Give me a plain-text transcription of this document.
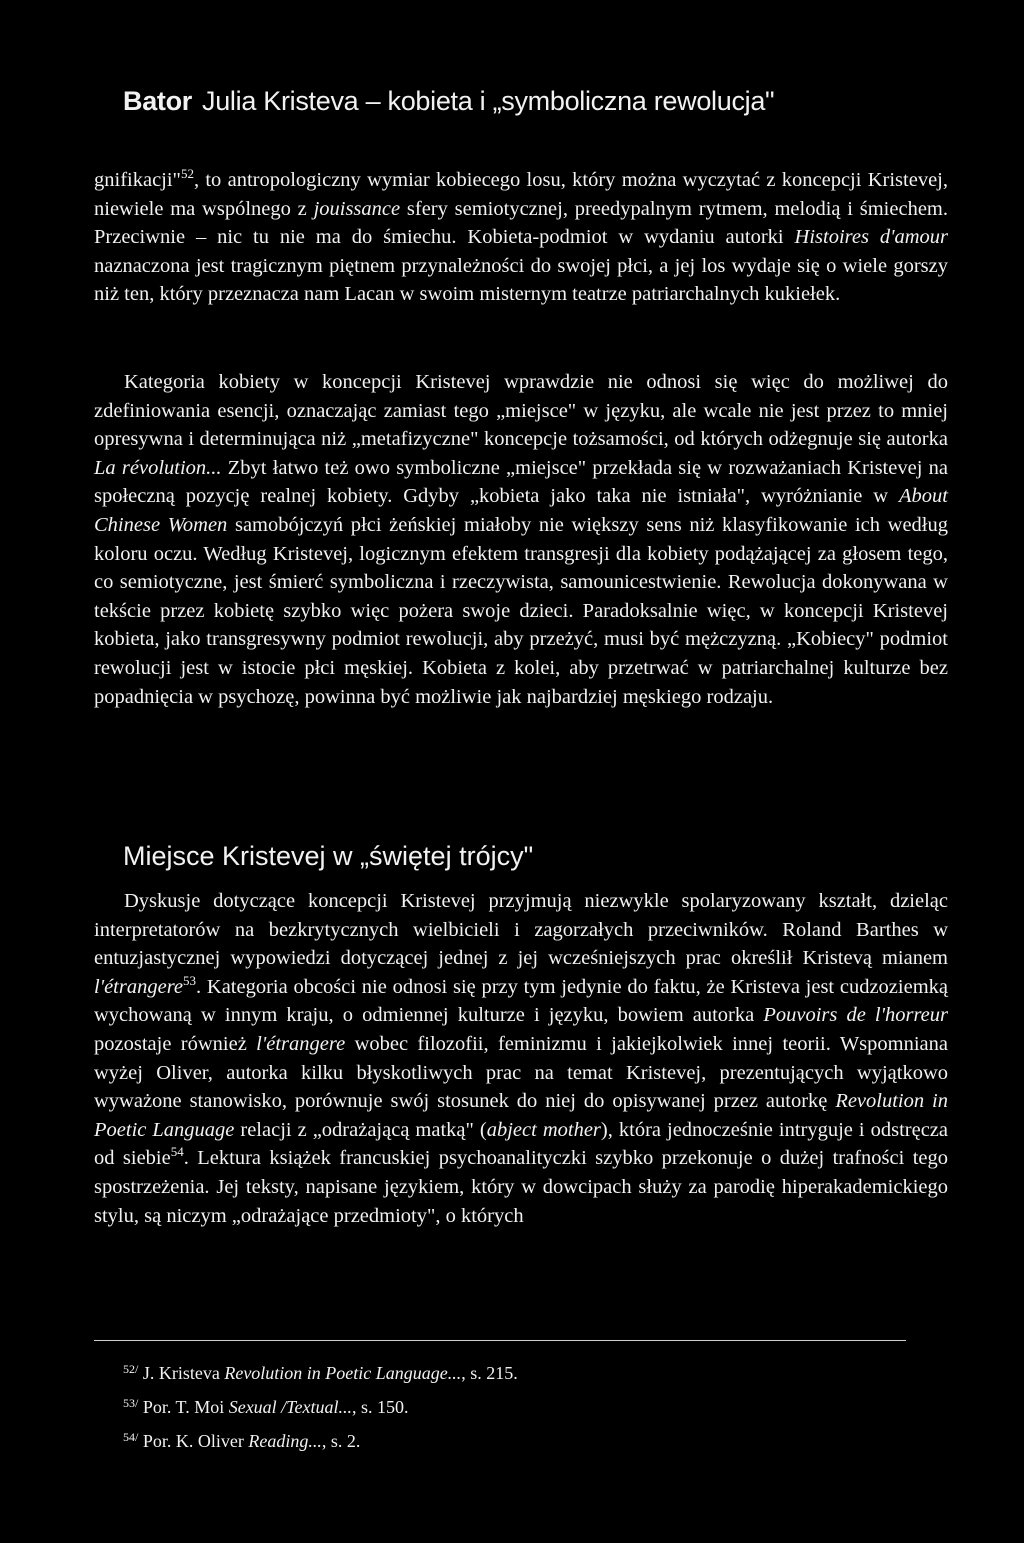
Bator Julia Kristeva – kobieta i „symboliczna rewolucja"

gnifikacji"$^{52}$, to antropologiczny wymiar kobiecego losu, który można wyczytać z koncepcji Kristevej, niewiele ma wspólnego z jouissance sfery semiotycznej, preedypalnym rytmem, melodią i śmiechem. Przeciwnie – nic tu nie ma do śmiechu. Kobieta-podmiot w wydaniu autorki Histoires d'amour naznaczona jest tragicznym piętnem przynależności do swojej płci, a jej los wydaje się o wiele gorszy niż ten, który przeznacza nam Lacan w swoim misternym teatrze patriarchalnych kukiełek.

Kategoria kobiety w koncepcji Kristevej wprawdzie nie odnosi się więc do możliwej do zdefiniowania esencji, oznaczając zamiast tego „miejsce" w języku, ale wcale nie jest przez to mniej opresywna i determinująca niż „metafizyczne" koncepcje tożsamości, od których odżegnuje się autorka La révolution... Zbyt łatwo też owo symboliczne „miejsce" przekłada się w rozważaniach Kristevej na społeczną pozycję realnej kobiety. Gdyby „kobieta jako taka nie istniała", wyróżnianie w About Chinese Women samobójczyń płci żeńskiej miałoby nie większy sens niż klasyfikowanie ich według koloru oczu. Według Kristevej, logicznym efektem transgresji dla kobiety podążającej za głosem tego, co semiotyczne, jest śmierć symboliczna i rzeczywista, samounicestwienie. Rewolucja dokonywana w tekście przez kobietę szybko więc pożera swoje dzieci. Paradoksalnie więc, w koncepcji Kristevej kobieta, jako transgresywny podmiot rewolucji, aby przeżyć, musi być mężczyzną. „Kobiecy" podmiot rewolucji jest w istocie płci męskiej. Kobieta z kolei, aby przetrwać w patriarchalnej kulturze bez popadnięcia w psychozę, powinna być możliwie jak najbardziej męskiego rodzaju.

Miejsce Kristevej w „świętej trójcy"

Dyskusje dotyczące koncepcji Kristevej przyjmują niezwykle spolaryzowany kształt, dzieląc interpretatorów na bezkrytycznych wielbicieli i zagorzałych przeciwników. Roland Barthes w entuzjastycznej wypowiedzi dotyczącej jednej z jej wcześniejszych prac określił Kristevą mianem l'étrangere$^{53}$. Kategoria obcości nie odnosi się przy tym jedynie do faktu, że Kristeva jest cudzoziemką wychowaną w innym kraju, o odmiennej kulturze i języku, bowiem autorka Pouvoirs de l'horreur pozostaje również l'étrangere wobec filozofii, feminizmu i jakiejkolwiek innej teorii. Wspomniana wyżej Oliver, autorka kilku błyskotliwych prac na temat Kristevej, prezentujących wyjątkowo wyważone stanowisko, porównuje swój stosunek do niej do opisywanej przez autorkę Revolution in Poetic Language relacji z „odrażającą matką" (abject mother), która jednocześnie intryguje i odstręcza od siebie$^{54}$. Lektura książek francuskiej psychoanalityczki szybko przekonuje o dużej trafności tego spostrzeżenia. Jej teksty, napisane językiem, który w dowcipach służy za parodię hiperakademickiego stylu, są niczym „odrażające przedmioty", o których

$^{52/}$ J. Kristeva Revolution in Poetic Language..., s. 215.
$^{53/}$ Por. T. Moi Sexual /Textual..., s. 150.
$^{54/}$ Por. K. Oliver Reading..., s. 2.
